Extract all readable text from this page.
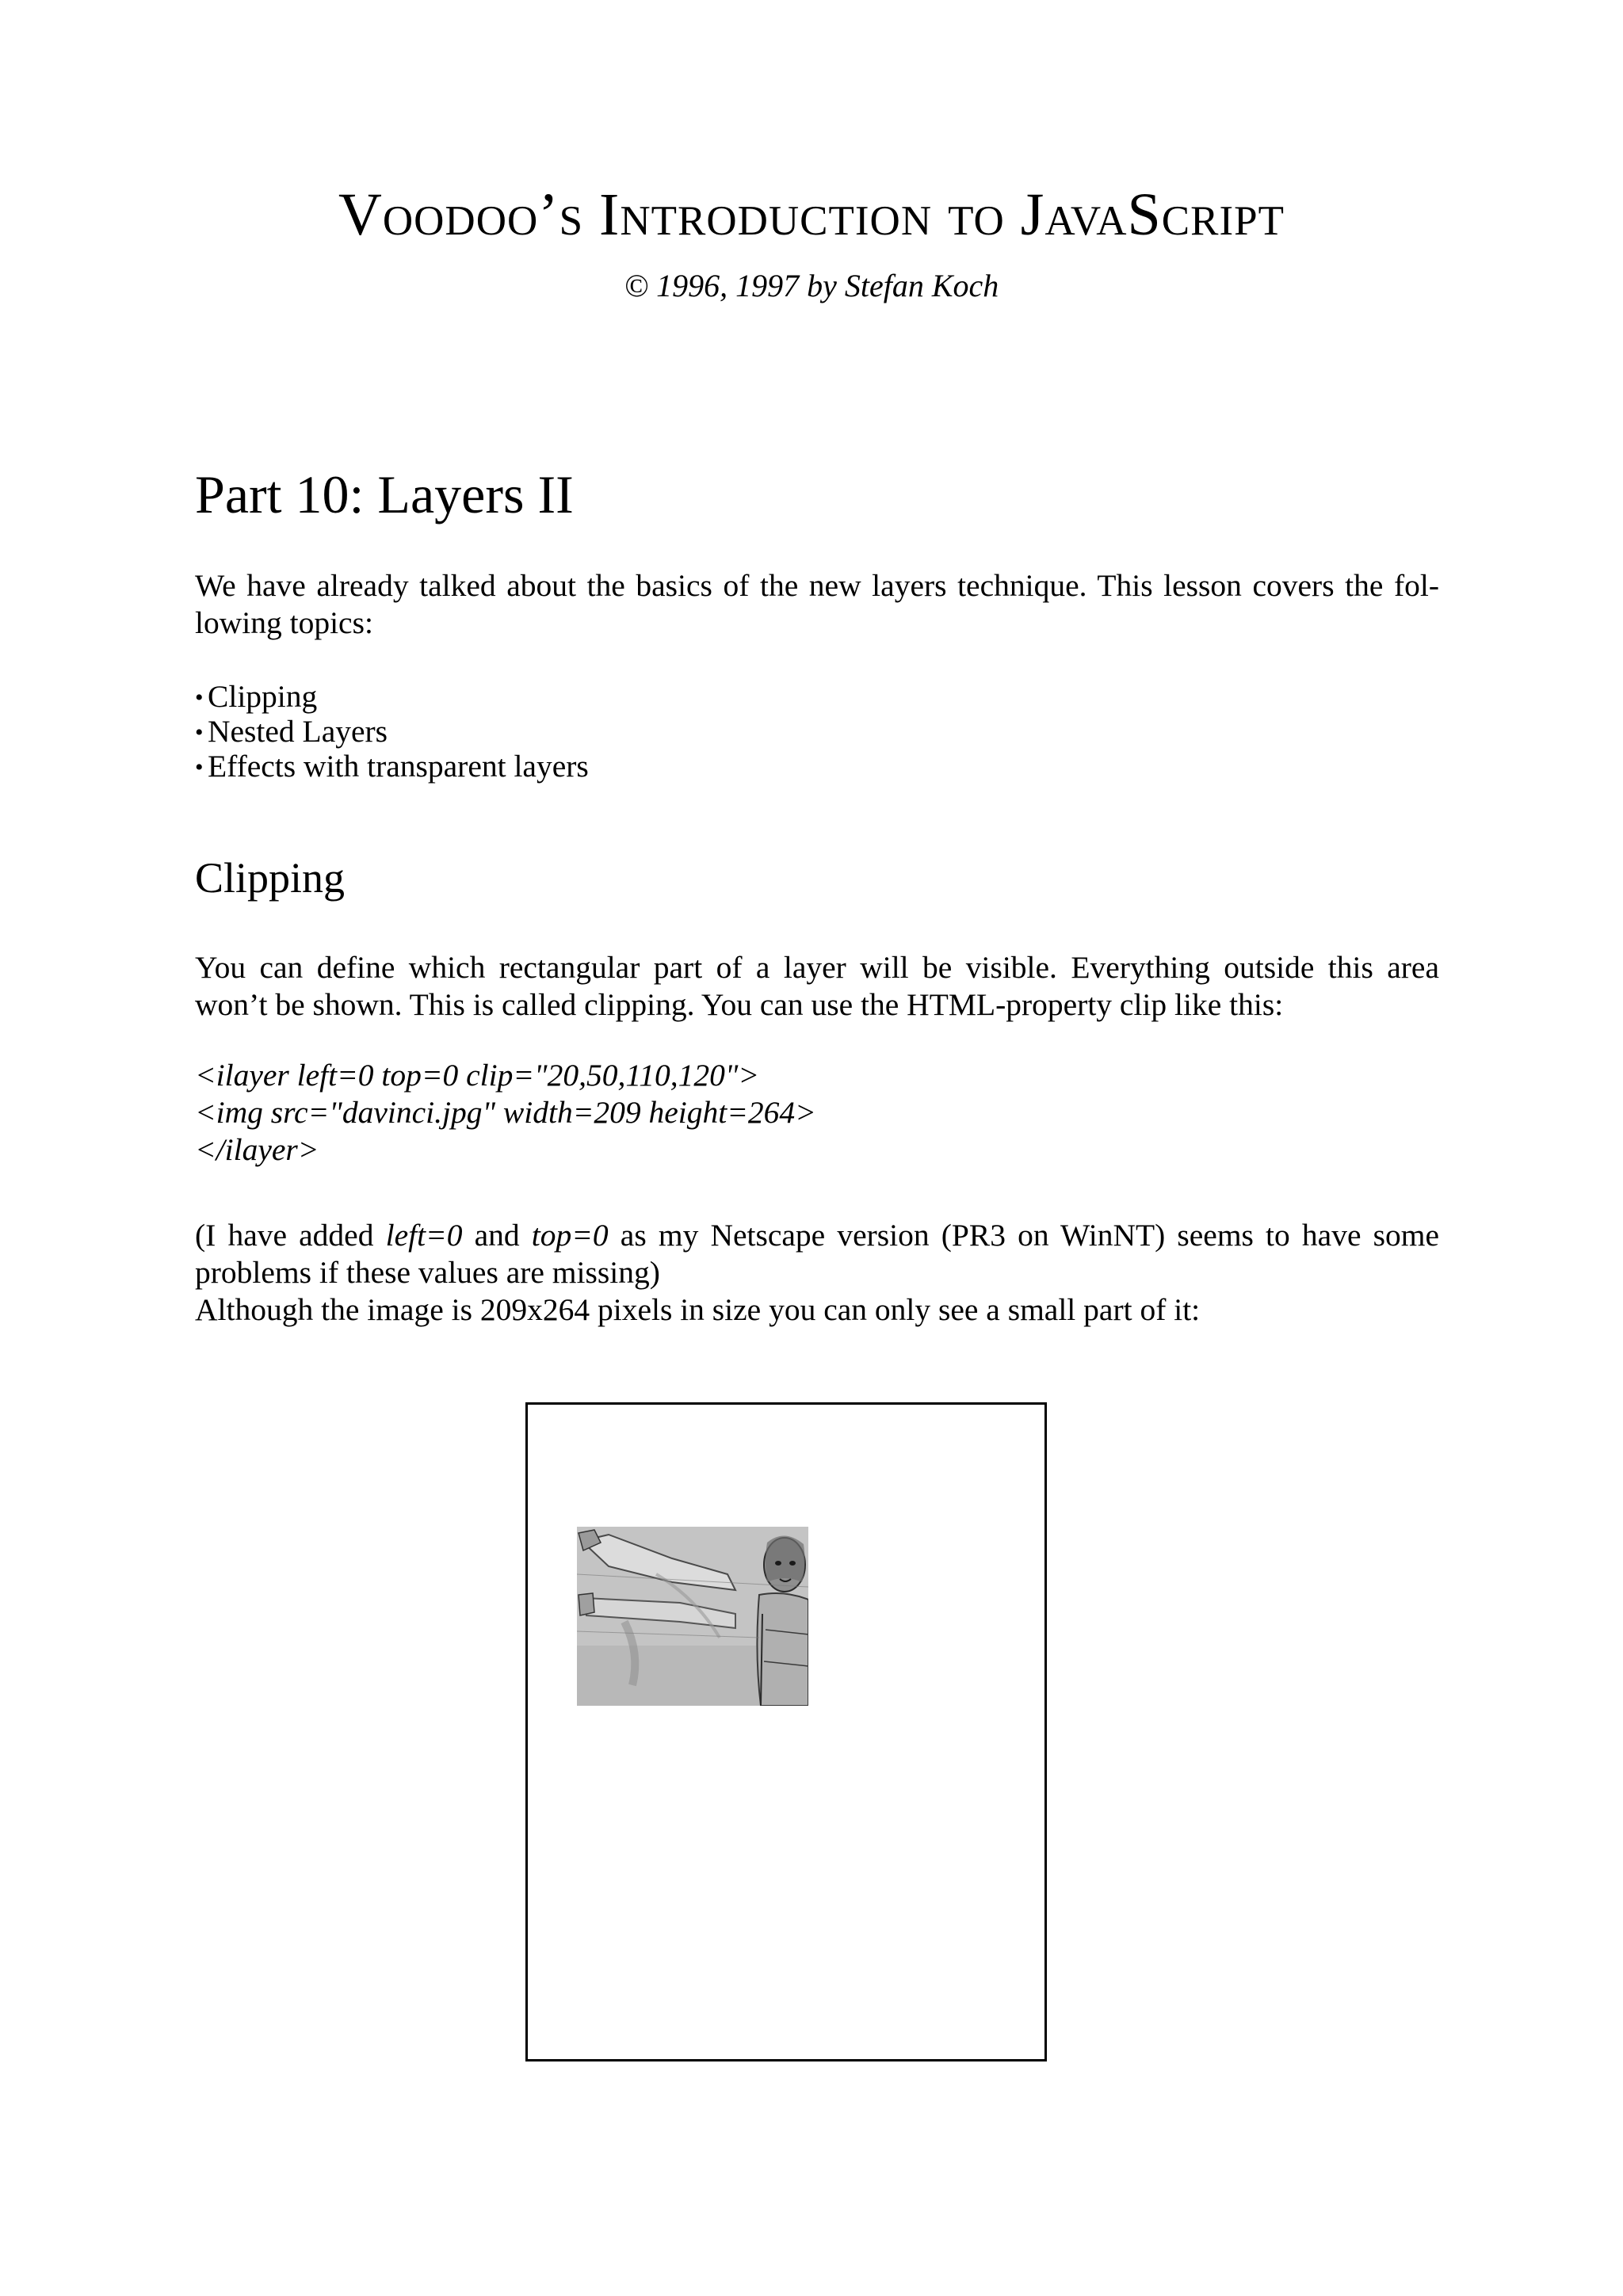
Voodoo’s Introduction to JavaScript
© 1996, 1997 by Stefan Koch
Part 10: Layers II

We have already talked about the basics of the new layers technique. This lesson covers the fol-
lowing topics:

• Clipping
• Nested Layers
• Effects with transparent layers
Clipping

You can define which rectangular part of a layer will be visible. Everything outside this area
won’t be shown. This is called clipping. You can use the HTML-property clip like this:

<ilayer left=0 top=0 clip="20,50,110,120">
<img src="davinci.jpg" width=209 height=264>
</ilayer>

(I have added left=0 and top=0 as my Netscape version (PR3 on WinNT) seems to have some
problems if these values are missing)
Although the image is 209x264 pixels in size you can only see a small part of it:
